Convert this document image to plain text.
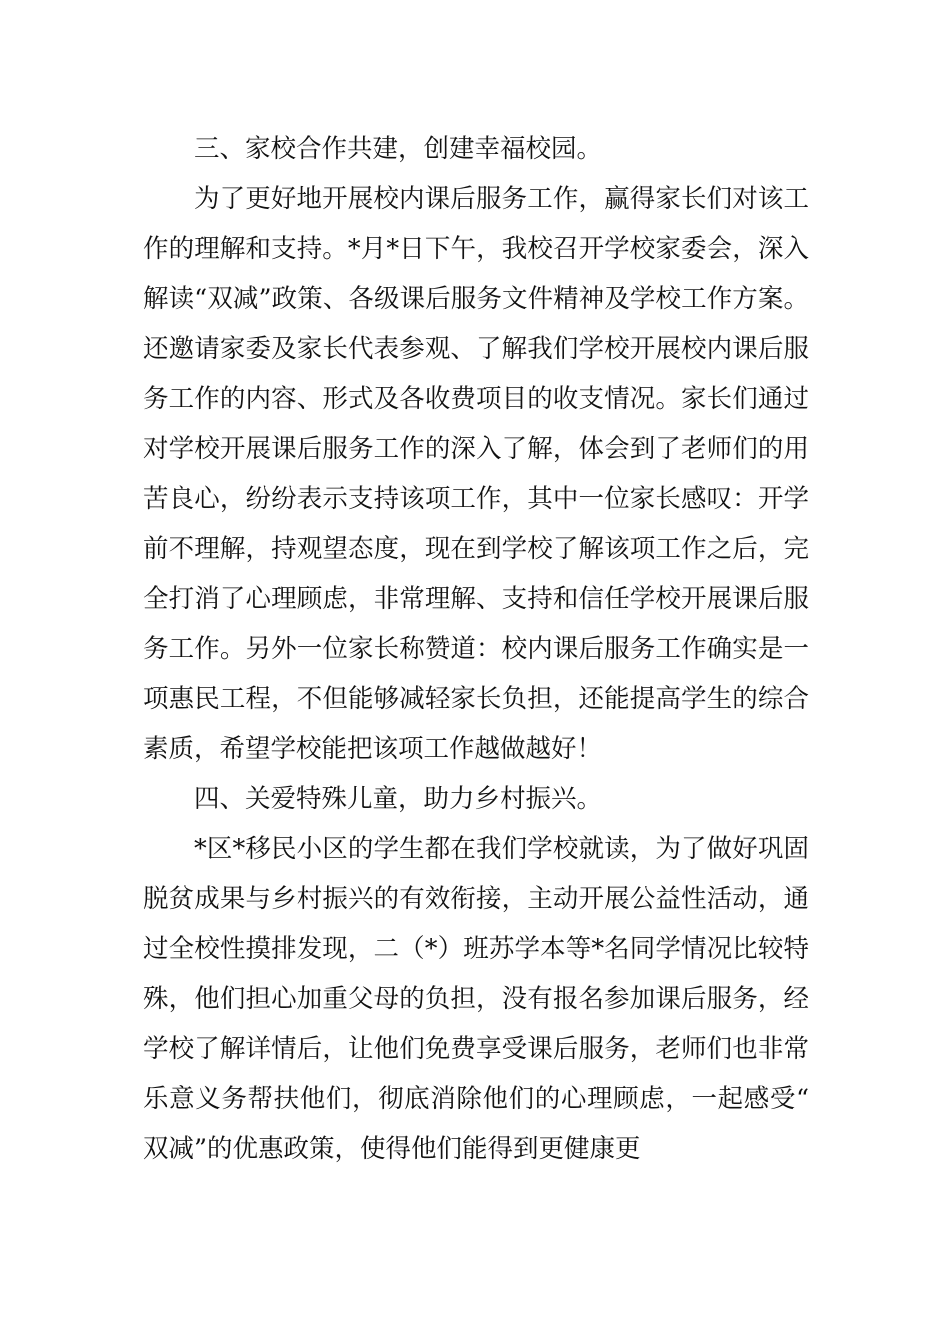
三、家校合作共建，创建幸福校园。

为了更好地开展校内课后服务工作，赢得家长们对该工作的理解和支持。*月*日下午，我校召开学校家委会，深入解读“双减”政策、各级课后服务文件精神及学校工作方案。还邀请家委及家长代表参观、了解我们学校开展校内课后服务工作的内容、形式及各收费项目的收支情况。家长们通过对学校开展课后服务工作的深入了解，体会到了老师们的用苦良心，纷纷表示支持该项工作，其中一位家长感叹：开学前不理解，持观望态度，现在到学校了解该项工作之后，完全打消了心理顾虑，非常理解、支持和信任学校开展课后服务工作。另外一位家长称赞道：校内课后服务工作确实是一项惠民工程，不但能够减轻家长负担，还能提高学生的综合素质，希望学校能把该项工作越做越好！

四、关爱特殊儿童，助力乡村振兴。

*区*移民小区的学生都在我们学校就读，为了做好巩固脱贫成果与乡村振兴的有效衔接，主动开展公益性活动，通过全校性摸排发现，二（*）班苏学本等*名同学情况比较特殊，他们担心加重父母的负担，没有报名参加课后服务，经学校了解详情后，让他们免费享受课后服务，老师们也非常乐意义务帮扶他们，彻底消除他们的心理顾虑，一起感受“双减”的优惠政策，使得他们能得到更健康更
